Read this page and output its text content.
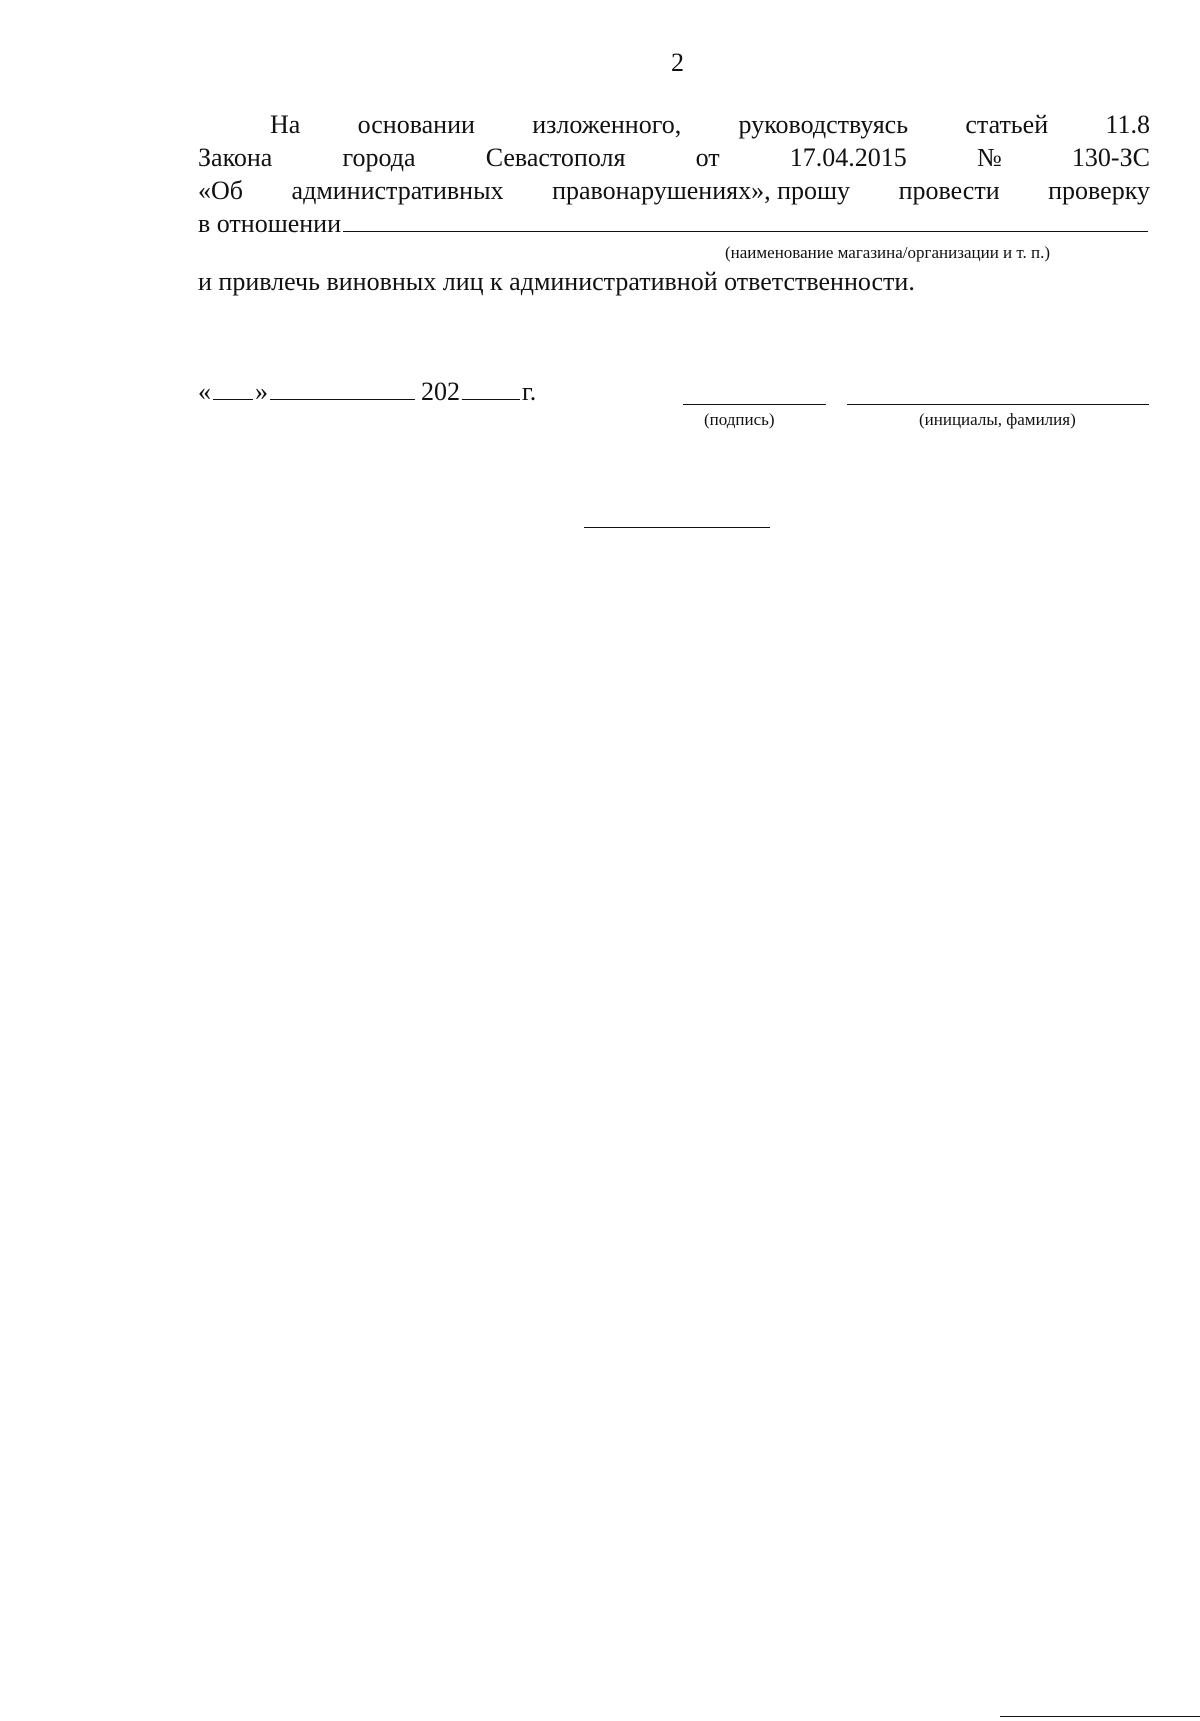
2
На основании изложенного, руководствуясь статьей 11.8
Закона	города	Севастополя	от	17.04.2015	№	130-ЗС
«Об административных правонарушениях», прошу провести проверку
в отношении
(наименование магазина/организации и т. п.)
и привлечь виновных лиц к административной ответственности.
« »	202 г.
(подпись)	(инициалы, фамилия)
